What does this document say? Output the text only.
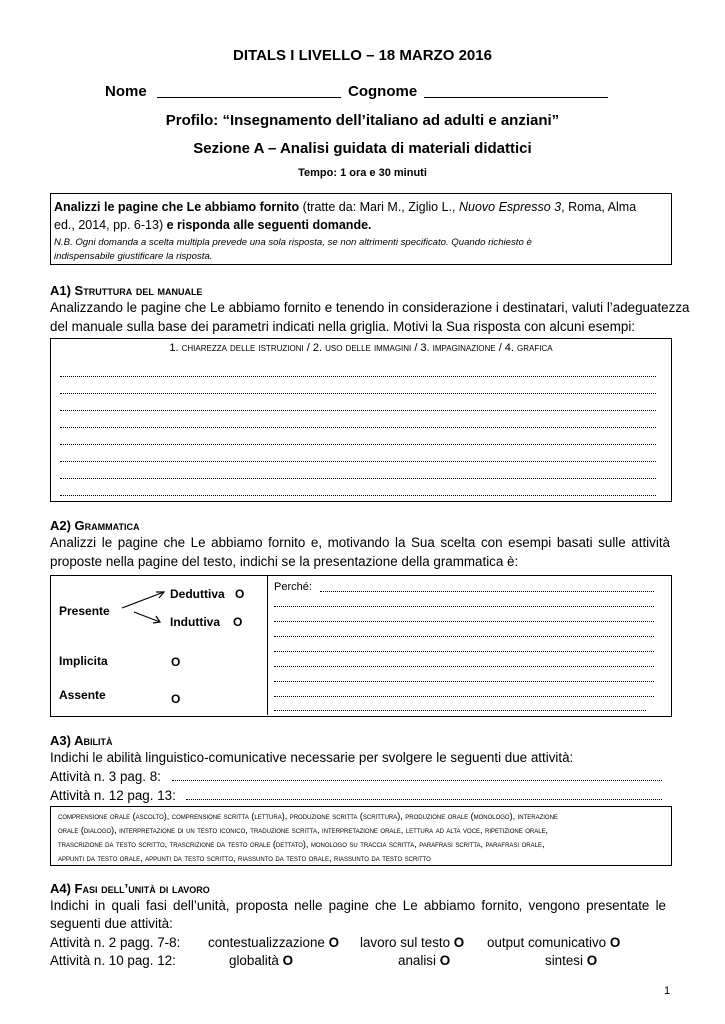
DITALS I LIVELLO – 18 MARZO 2016
Nome	Cognome
Profilo: “Insegnamento dell’italiano ad adulti e anziani”
Sezione A – Analisi guidata di materiali didattici
Tempo: 1 ora e 30 minuti
Analizzi le pagine che Le abbiamo fornito (tratte da: Mari M., Ziglio L., Nuovo Espresso 3, Roma, Alma
ed., 2014, pp. 6-13) e risponda alle seguenti domande.
N.B. Ogni domanda a scelta multipla prevede una sola risposta, se non altrimenti specificato. Quando richiesto è
indispensabile giustificare la risposta.
A1) Struttura del manuale
Analizzando le pagine che Le abbiamo fornito e tenendo in considerazione i destinatari, valuti l’adeguatezza
del manuale sulla base dei parametri indicati nella griglia. Motivi la Sua risposta con alcuni esempi:
1. chiarezza delle istruzioni / 2. uso delle immagini / 3. impaginazione / 4. grafica
A2) Grammatica
Analizzi le pagine che Le abbiamo fornito e, motivando la Sua scelta con esempi basati sulle attività
proposte nella pagine del testo, indichi se la presentazione della grammatica è:
Presente
Deduttiva O
Induttiva O
Implicita	O
Assente	O
Perché:
A3) Abilità
Indichi le abilità linguistico-comunicative necessarie per svolgere le seguenti due attività:
Attività n. 3 pag. 8:
Attività n. 12 pag. 13:
comprensione orale (ascolto), comprensione scritta (lettura), produzione scritta (scrittura), produzione orale (monologo), interazione
orale (dialogo), interpretazione di un testo iconico, traduzione scritta, interpretazione orale, lettura ad alta voce, ripetizione orale,
trascrizione da testo scritto, trascrizione da testo orale (dettato), monologo su traccia scritta, parafrasi scritta, parafrasi orale,
appunti da testo orale, appunti da testo scritto, riassunto da testo orale, riassunto da testo scritto
A4) Fasi dell’unità di lavoro
Indichi in quali fasi dell’unità, proposta nelle pagine che Le abbiamo fornito, vengono presentate le
seguenti due attività:
Attività n. 2 pagg. 7-8: contestualizzazione O lavoro sul testo O output comunicativo O
Attività n. 10 pag. 12:	globalità O	analisi O	sintesi O
1
